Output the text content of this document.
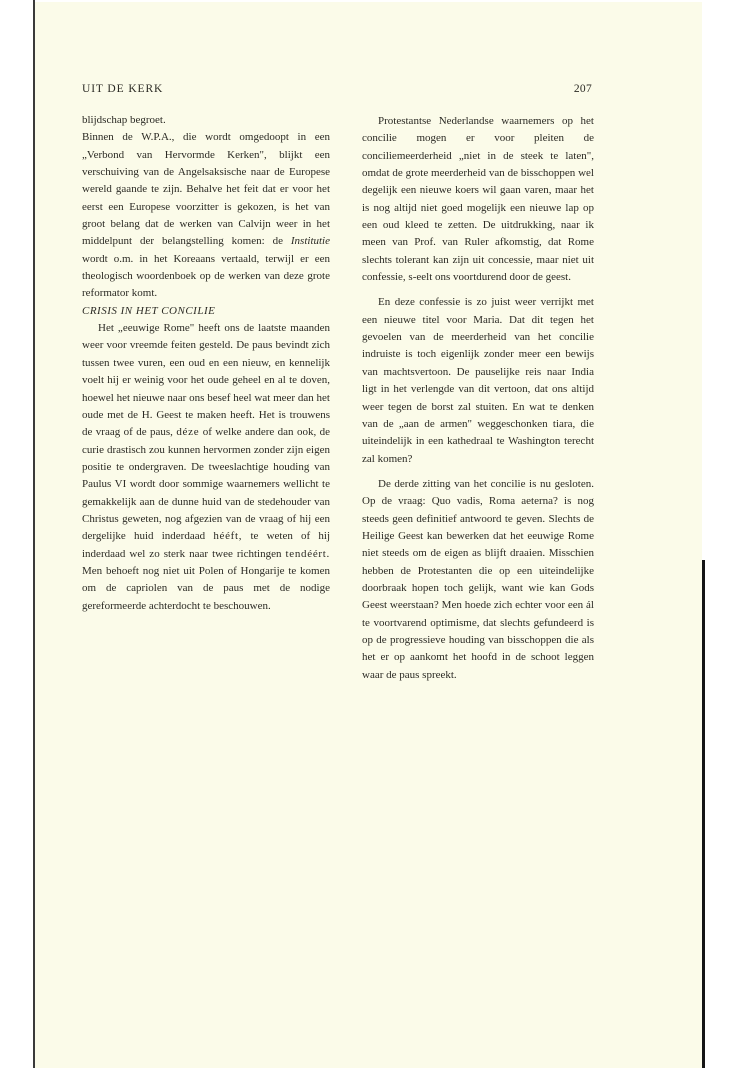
UIT DE KERK	207

blijdschap begroet.

Binnen de W.P.A., die wordt omgedoopt in een „Verbond van Hervormde Kerken", blijkt een verschuiving van de Angelsaksische naar de Europese wereld gaande te zijn. Behalve het feit dat er voor het eerst een Europese voorzitter is gekozen, is het van groot belang dat de werken van Calvijn weer in het middelpunt der belangstelling komen: de Institutie wordt o.m. in het Koreaans vertaald, terwijl er een theologisch woordenboek op de werken van deze grote reformator komt.

CRISIS IN HET CONCILIE

Het „eeuwige Rome" heeft ons de laatste maanden weer voor vreemde feiten gesteld. De paus bevindt zich tussen twee vuren, een oud en een nieuw, en kennelijk voelt hij er weinig voor het oude geheel en al te doven, hoewel het nieuwe naar ons besef heel wat meer dan het oude met de H. Geest te maken heeft. Het is trouwens de vraag of de paus, déze of welke andere dan ook, de curie drastisch zou kunnen hervormen zonder zijn eigen positie te ondergraven. De tweeslachtige houding van Paulus VI wordt door sommige waarnemers wellicht te gemakkelijk aan de dunne huid van de stedehouder van Christus geweten, nog afgezien van de vraag of hij een dergelijke huid inderdaad hééft, te weten of hij inderdaad wel zo sterk naar twee richtingen tendéért. Men behoeft nog niet uit Polen of Hongarije te komen om de capriolen van de paus met de nodige gereformeerde achterdocht te beschouwen.

Protestantse Nederlandse waarnemers op het concilie mogen er voor pleiten de conciliemeerderheid „niet in de steek te laten", omdat de grote meerderheid van de bisschoppen wel degelijk een nieuwe koers wil gaan varen, maar het is nog altijd niet goed mogelijk een nieuwe lap op een oud kleed te zetten. De uitdrukking, naar ik meen van Prof. van Ruler afkomstig, dat Rome slechts tolerant kan zijn uit concessie, maar niet uit confessie, s-eelt ons voortdurend door de geest.

En deze confessie is zo juist weer verrijkt met een nieuwe titel voor Maria. Dat dit tegen het gevoelen van de meerderheid van het concilie indruiste is toch eigenlijk zonder meer een bewijs van machtsvertoon. De pauselijke reis naar India ligt in het verlengde van dit vertoon, dat ons altijd weer tegen de borst zal stuiten. En wat te denken van de „aan de armen" weggeschonken tiara, die uiteindelijk in een kathedraal te Washington terecht zal komen?

De derde zitting van het concilie is nu gesloten. Op de vraag: Quo vadis, Roma aeterna? is nog steeds geen definitief antwoord te geven. Slechts de Heilige Geest kan bewerken dat het eeuwige Rome niet steeds om de eigen as blijft draaien. Misschien hebben de Protestanten die op een uiteindelijke doorbraak hopen toch gelijk, want wie kan Gods Geest weerstaan? Men hoede zich echter voor een ál te voortvarend optimisme, dat slechts gefundeerd is op de progressieve houding van bisschoppen die als het er op aankomt het hoofd in de schoot leggen waar de paus spreekt.
